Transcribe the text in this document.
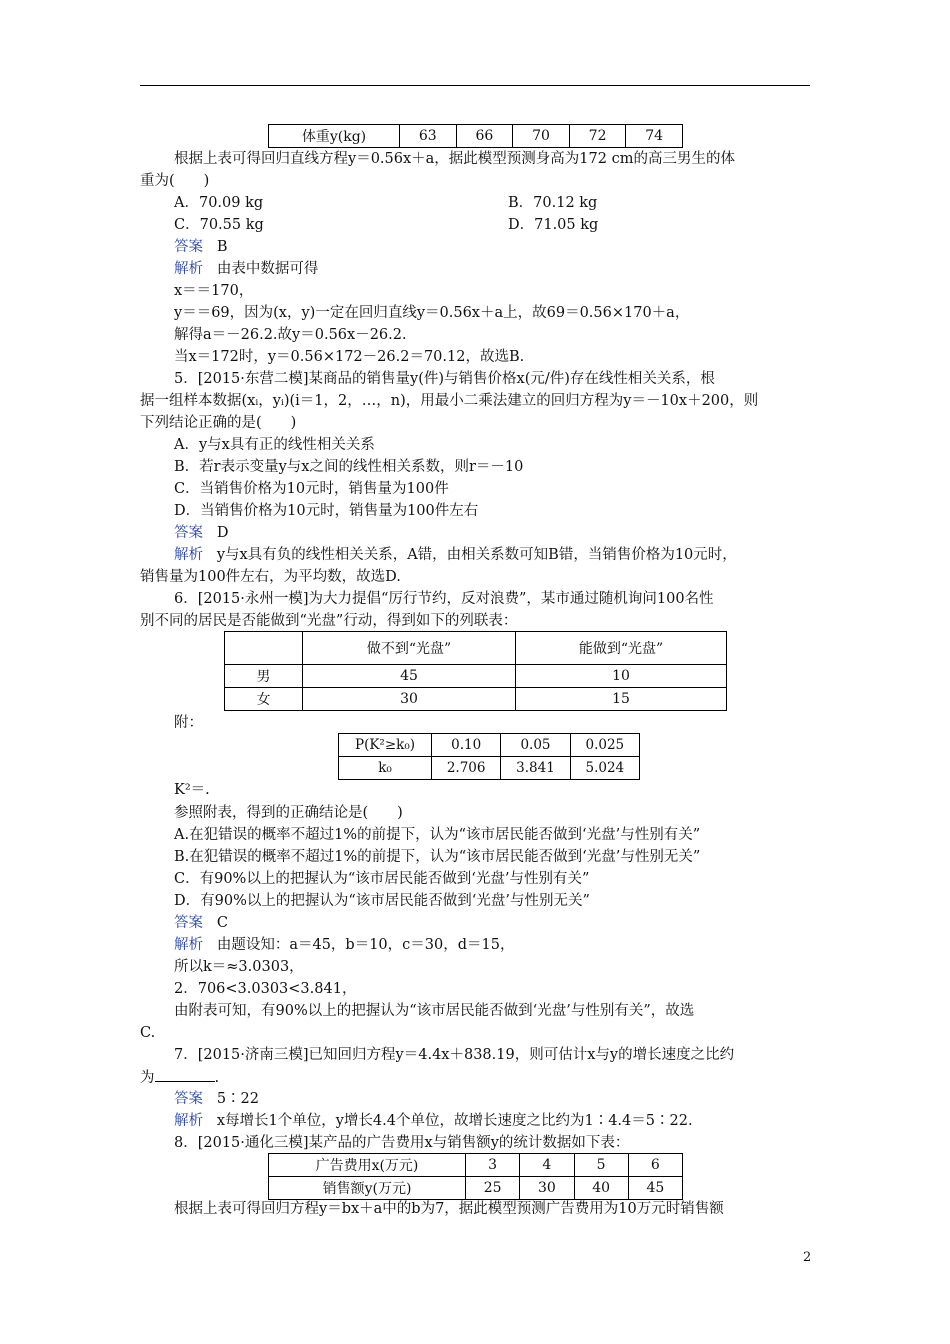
体重y(kg)	63	66	70	72	74
根据上表可得回归直线方程y＝0.56x＋a，据此模型预测身高为172 cm的高三男生的体
重为(　　)
A．70.09 kg	B．70.12 kg
C．70.55 kg	D．71.05 kg
答案 B
解析 由表中数据可得
x＝＝170，
y＝＝69，因为(x，y)一定在回归直线y＝0.56x＋a上，故69＝0.56×170＋a，
解得a＝－26.2.故y＝0.56x－26.2.
当x＝172时，y＝0.56×172－26.2＝70.12，故选B.
5．[2015·东营二模]某商品的销售量y(件)与销售价格x(元/件)存在线性相关关系，根
据一组样本数据(xᵢ，yᵢ)(i＝1，2，…，n)，用最小二乘法建立的回归方程为y＝－10x＋200，则
下列结论正确的是(　　)
A．y与x具有正的线性相关关系
B．若r表示变量y与x之间的线性相关系数，则r＝－10
C．当销售价格为10元时，销售量为100件
D．当销售价格为10元时，销售量为100件左右
答案 D
解析 y与x具有负的线性相关关系，A错，由相关系数可知B错，当销售价格为10元时，
销售量为100件左右，为平均数，故选D.
6．[2015·永州一模]为大力提倡“厉行节约，反对浪费”，某市通过随机询问100名性
别不同的居民是否能做到“光盘”行动，得到如下的列联表：
	做不到“光盘”	能做到“光盘”
男	45	10
女	30	15
附：
P(K²≥k₀)	0.10	0.05	0.025
k₀	2.706	3.841	5.024
K²＝.
参照附表，得到的正确结论是(　　)
A.在犯错误的概率不超过1%的前提下，认为“该市居民能否做到‘光盘’与性别有关”
B.在犯错误的概率不超过1%的前提下，认为“该市居民能否做到‘光盘’与性别无关”
C．有90%以上的把握认为“该市居民能否做到‘光盘’与性别有关”
D．有90%以上的把握认为“该市居民能否做到‘光盘’与性别无关”
答案 C
解析 由题设知：a＝45，b＝10，c＝30，d＝15，
所以k＝≈3.0303，
2．706<3.0303<3.841，
由附表可知，有90%以上的把握认为“该市居民能否做到‘光盘’与性别有关”，故选
C.
7．[2015·济南三模]已知回归方程y＝4.4x＋838.19，则可估计x与y的增长速度之比约
为	.
答案 5∶22
解析 x每增长1个单位，y增长4.4个单位，故增长速度之比约为1∶4.4＝5∶22.
8．[2015·通化三模]某产品的广告费用x与销售额y的统计数据如下表：
广告费用x(万元)	3	4	5	6
销售额y(万元)	25	30	40	45
根据上表可得回归方程y＝bx＋a中的b为7，据此模型预测广告费用为10万元时销售额
2
